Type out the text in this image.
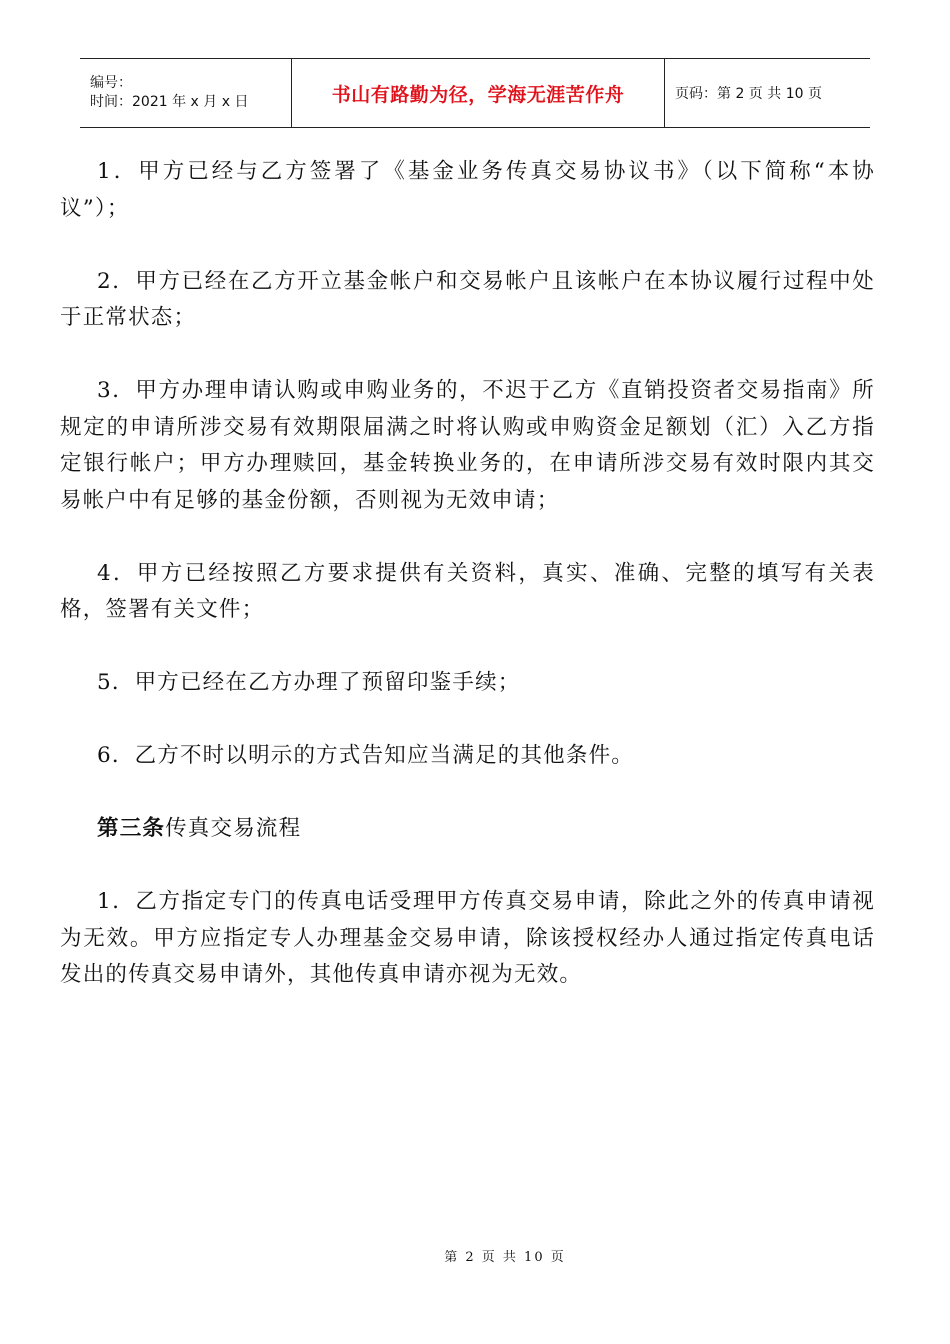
编号：
时间：2021 年 x 月 x 日	书山有路勤为径，学海无涯苦作舟	页码：第 2 页 共 10 页

1．甲方已经与乙方签署了《基金业务传真交易协议书》（以下简称“本协议”）；

2．甲方已经在乙方开立基金帐户和交易帐户且该帐户在本协议履行过程中处于正常状态；

3．甲方办理申请认购或申购业务的，不迟于乙方《直销投资者交易指南》所规定的申请所涉交易有效期限届满之时将认购或申购资金足额划（汇）入乙方指定银行帐户；甲方办理赎回，基金转换业务的，在申请所涉交易有效时限内其交易帐户中有足够的基金份额，否则视为无效申请；

4．甲方已经按照乙方要求提供有关资料，真实、准确、完整的填写有关表格，签署有关文件；

5．甲方已经在乙方办理了预留印鉴手续；

6．乙方不时以明示的方式告知应当满足的其他条件。

第三条传真交易流程

1．乙方指定专门的传真电话受理甲方传真交易申请，除此之外的传真申请视为无效。甲方应指定专人办理基金交易申请，除该授权经办人通过指定传真电话发出的传真交易申请外，其他传真申请亦视为无效。

第 2 页 共 10 页
